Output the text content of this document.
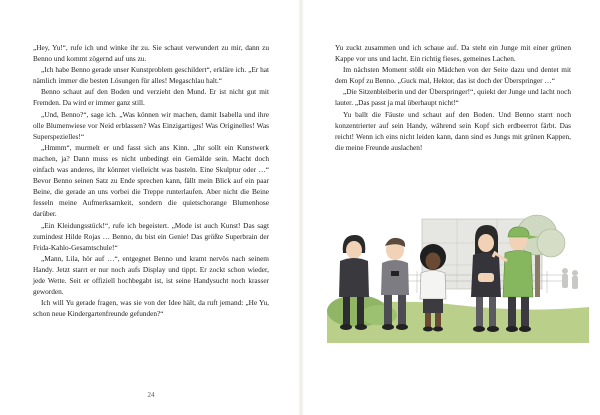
„Hey, Yu!“, rufe ich und winke ihr zu. Sie schaut verwundert zu mir, dann zu Benno und kommt zögernd auf uns zu.

„Ich habe Benno gerade unser Kunstproblem geschildert“, erkläre ich. „Er hat nämlich immer die besten Lösungen für alles! Megaschlau halt.“

Benno schaut auf den Boden und verzieht den Mund. Er ist nicht gut mit Fremden. Da wird er immer ganz still.

„Und, Benno?“, sage ich. „Was können wir machen, damit Isabella und ihre olle Blumenwiese vor Neid erblassen? Was Einzigartiges! Was Originelles! Was Superspezielles!“

„Hmmm“, murmelt er und fasst sich ans Kinn. „Ihr sollt ein Kunstwerk machen, ja? Dann muss es nicht unbedingt ein Gemälde sein. Macht doch einfach was anderes, ihr könntet vielleicht was basteln. Eine Skulptur oder …“ Bevor Benno seinen Satz zu Ende sprechen kann, fällt mein Blick auf ein paar Beine, die gerade an uns vorbei die Treppe runterlaufen. Aber nicht die Beine fesseln meine Aufmerksamkeit, sondern die quietschorange Blumenhose darüber.

„Ein Kleidungsstück!“, rufe ich begeistert. „Mode ist auch Kunst! Das sagt zumindest Hilde Rojas … Benno, du bist ein Genie! Das größte Superbrain der Frida-Kahlo-Gesamtschule!“

„Mann, Lila, hör auf …“, entgegnet Benno und kramt nervös nach seinem Handy. Jetzt starrt er nur noch aufs Display und tippt. Er zockt schon wieder, jede Wette. Seit er offiziell hochbegabt ist, ist seine Handysucht noch krasser geworden.

Ich will Yu gerade fragen, was sie von der Idee hält, da ruft jemand: „He Yu, schon neue Kindergartenfreunde gefunden?“

24

Yu zuckt zusammen und ich schaue auf. Da steht ein Junge mit einer grünen Kappe vor uns und lacht. Ein richtig fieses, gemeines Lachen.

Im nächsten Moment stößt ein Mädchen von der Seite dazu und dentet mit dem Kopf zu Benno. „Guck mal, Hektor, das ist doch der Überspringer …“

„Die Sitzenbleiberin und der Überspringer!“, quiekt der Junge und lacht noch lauter. „Das passt ja mal überhaupt nicht!“

Yu ballt die Fäuste und schaut auf den Boden. Und Benno starrt noch konzentrierter auf sein Handy, während sein Kopf sich erdbeerrot färbt. Das reicht! Wenn ich eins nicht leiden kann, dann sind es Jungs mit grünen Kappen, die meine Freunde auslachen!
